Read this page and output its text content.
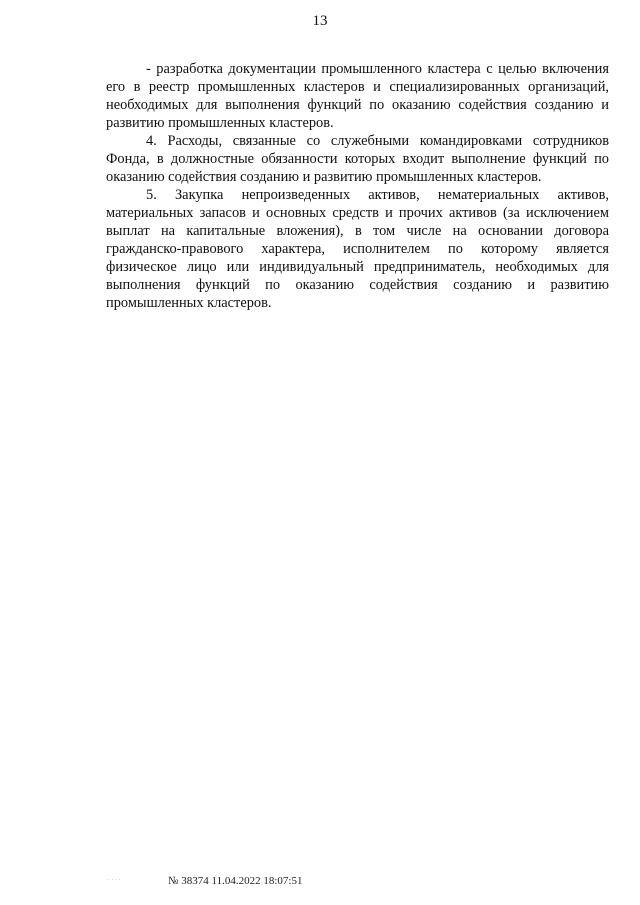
13

- разработка документации промышленного кластера с целью включения его в реестр промышленных кластеров и специализированных организаций, необходимых для выполнения функций по оказанию содействия созданию и развитию промышленных кластеров.

4. Расходы, связанные со служебными командировками сотрудников Фонда, в должностные обязанности которых входит выполнение функций по оказанию содействия созданию и развитию промышленных кластеров.

5. Закупка непроизведенных активов, нематериальных активов, материальных запасов и основных средств и прочих активов (за исключением выплат на капитальные вложения), в том числе на основании договора гражданско-правового характера, исполнителем по которому является физическое лицо или индивидуальный предприниматель, необходимых для выполнения функций по оказанию содействия созданию и развитию промышленных кластеров.

· · · ·	№ 38374 11.04.2022 18:07:51
